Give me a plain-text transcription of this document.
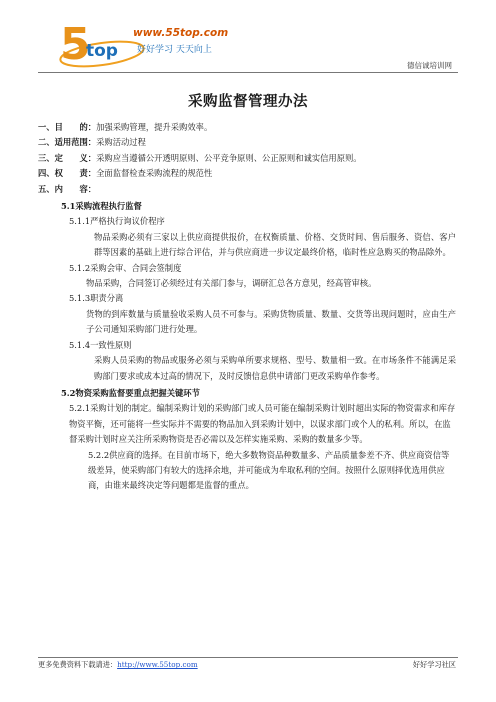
5
top
www.55top.com
好好学习 天天向上
德信诚培训网
采购监督管理办法
一、目　　的：加强采购管理，提升采购效率。
二、适用范围：采购活动过程
三、定　　义：采购应当遵循公开透明原则、公平竞争原则、公正原则和诚实信用原则。
四、权　　责：全面监督检查采购流程的规范性
五、内　　容：
5.1采购流程执行监督
5.1.1严格执行询议价程序
物品采购必须有三家以上供应商提供报价，在权衡质量、价格、交货时间、售后服务、资信、客户群等因素的基础上进行综合评估，并与供应商进一步议定最终价格，临时性应急购买的物品除外。
5.1.2采购会审、合同会签制度
物品采购，合同签订必须经过有关部门参与，调研汇总各方意见，经高管审核。
5.1.3职责分离
货物的到库数量与质量验收采购人员不可参与。采购货物质量、数量、交货等出现问题时，应由生产子公司通知采购部门进行处理。
5.1.4一致性原则
采购人员采购的物品或服务必须与采购单所要求规格、型号、数量相一致。在市场条件不能满足采购部门要求或成本过高的情况下，及时反馈信息供申请部门更改采购单作参考。
5.2物资采购监督要重点把握关键环节
5.2.1采购计划的制定。编制采购计划的采购部门或人员可能在编制采购计划时超出实际的物资需求和库存物资平衡，还可能将一些实际并不需要的物品加入到采购计划中，以谋求部门或个人的私利。所以，在监督采购计划时应关注所采购物资是否必需以及怎样实施采购、采购的数量多少等。
5.2.2供应商的选择。在目前市场下，绝大多数物资品种数量多、产品质量参差不齐、供应商资信等级差异，使采购部门有较大的选择余地，并可能成为牟取私利的空间。按照什么原则择优选用供应商，由谁来最终决定等问题都是监督的重点。
更多免费资料下载请进：http://www.55top.com	好好学习社区
